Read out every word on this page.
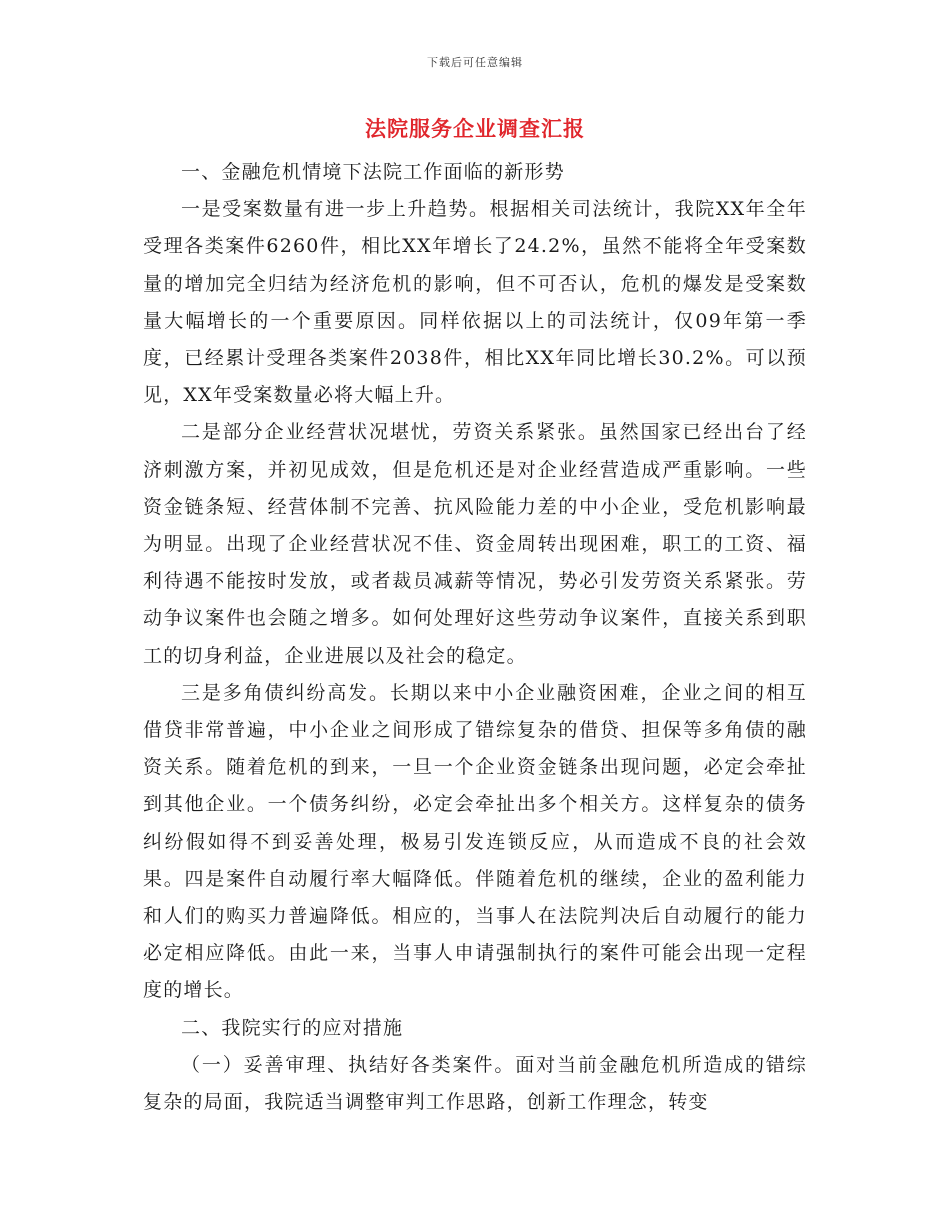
下载后可任意编辑
法院服务企业调查汇报

一、金融危机情境下法院工作面临的新形势

一是受案数量有进一步上升趋势。根据相关司法统计，我院XX年全年受理各类案件6260件，相比XX年增长了24.2%，虽然不能将全年受案数量的增加完全归结为经济危机的影响，但不可否认，危机的爆发是受案数量大幅增长的一个重要原因。同样依据以上的司法统计，仅09年第一季度，已经累计受理各类案件2038件，相比XX年同比增长30.2%。可以预见，XX年受案数量必将大幅上升。

二是部分企业经营状况堪忧，劳资关系紧张。虽然国家已经出台了经济刺激方案，并初见成效，但是危机还是对企业经营造成严重影响。一些资金链条短、经营体制不完善、抗风险能力差的中小企业，受危机影响最为明显。出现了企业经营状况不佳、资金周转出现困难，职工的工资、福利待遇不能按时发放，或者裁员减薪等情况，势必引发劳资关系紧张。劳动争议案件也会随之增多。如何处理好这些劳动争议案件，直接关系到职工的切身利益，企业进展以及社会的稳定。

三是多角债纠纷高发。长期以来中小企业融资困难，企业之间的相互借贷非常普遍，中小企业之间形成了错综复杂的借贷、担保等多角债的融资关系。随着危机的到来，一旦一个企业资金链条出现问题，必定会牵扯到其他企业。一个债务纠纷，必定会牵扯出多个相关方。这样复杂的债务纠纷假如得不到妥善处理，极易引发连锁反应，从而造成不良的社会效果。四是案件自动履行率大幅降低。伴随着危机的继续，企业的盈利能力和人们的购买力普遍降低。相应的，当事人在法院判决后自动履行的能力必定相应降低。由此一来，当事人申请强制执行的案件可能会出现一定程度的增长。

二、我院实行的应对措施

（一）妥善审理、执结好各类案件。面对当前金融危机所造成的错综复杂的局面，我院适当调整审判工作思路，创新工作理念，转变
